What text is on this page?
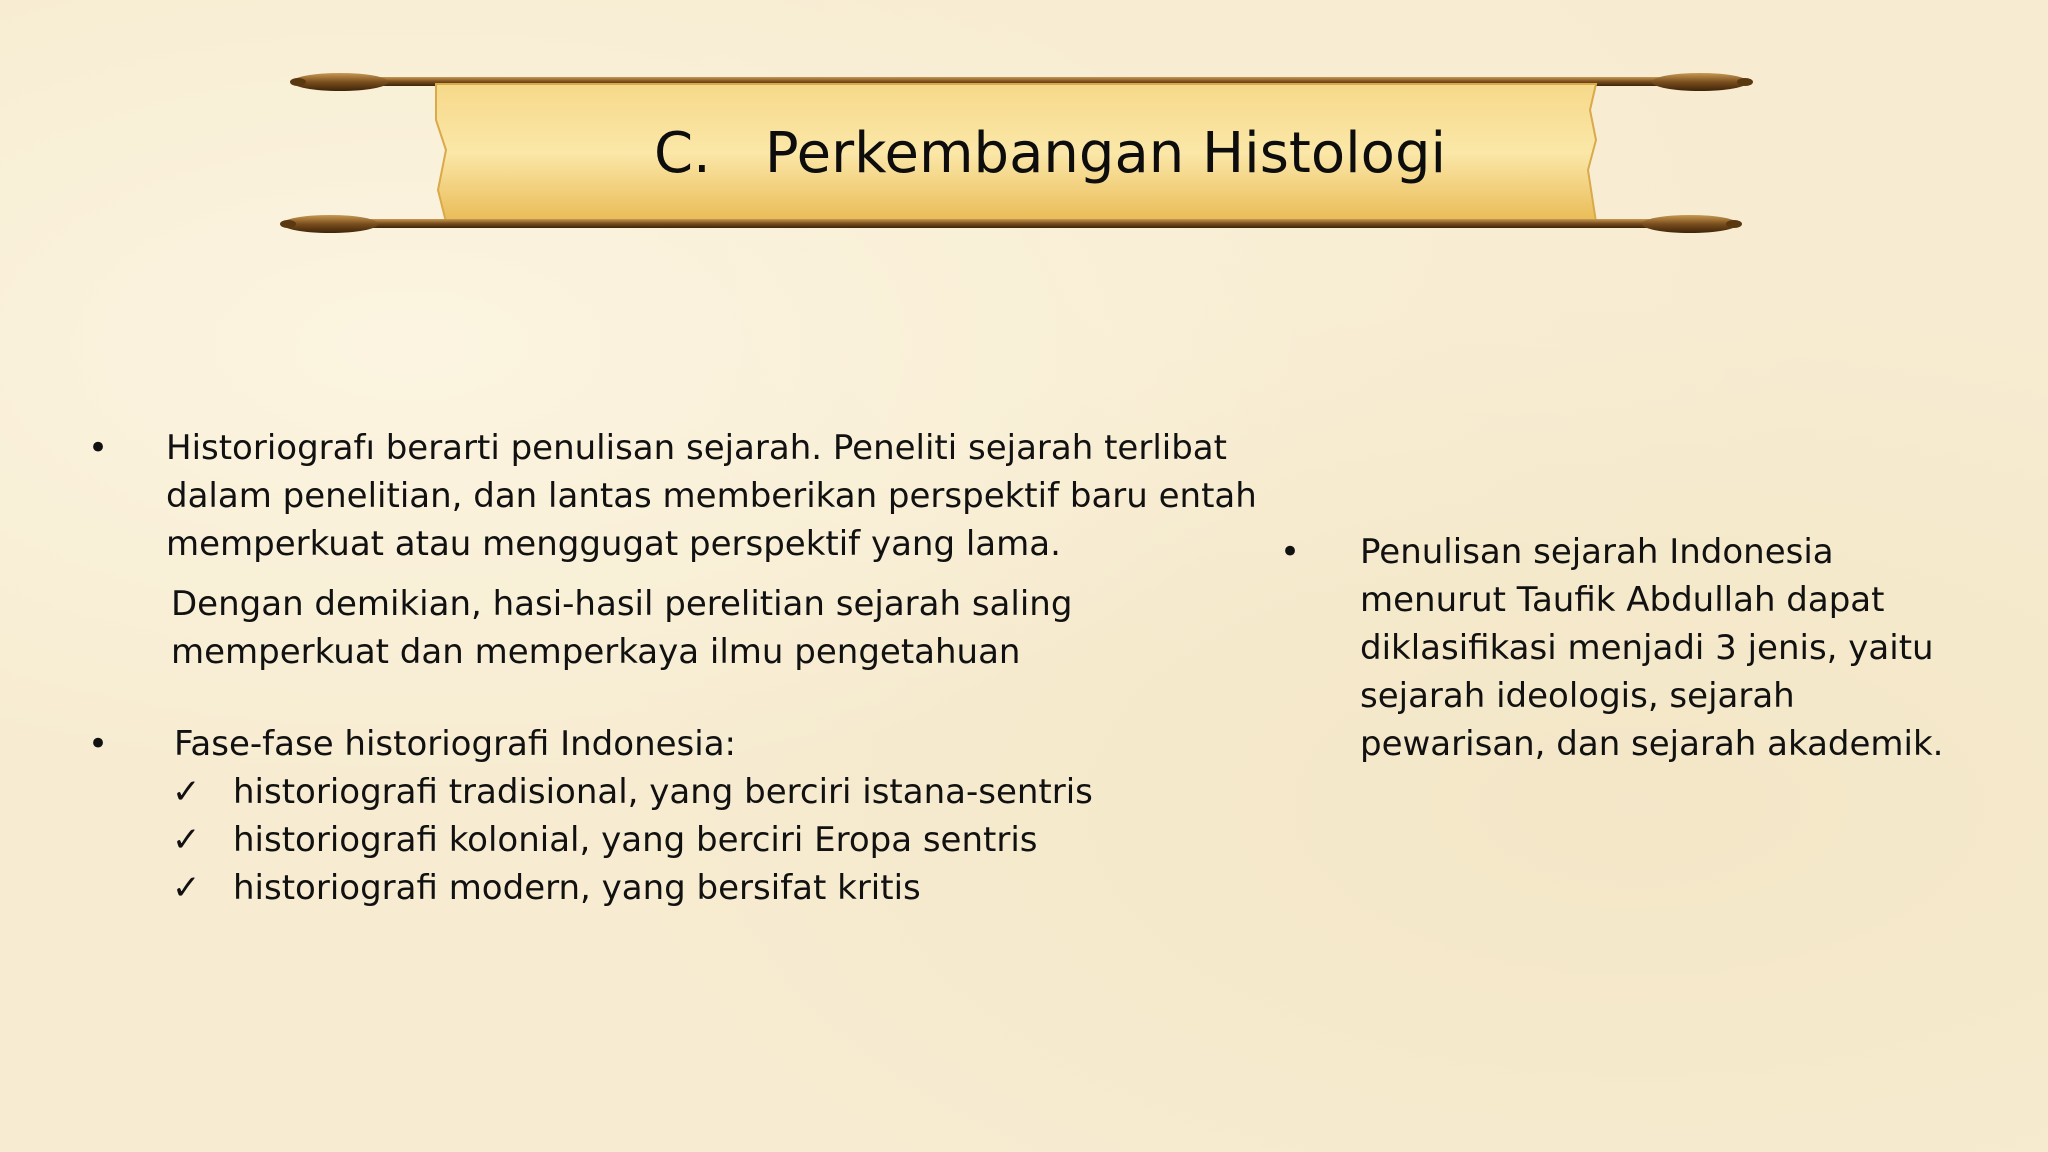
C. Perkembangan Histologi
•	Historiografı berarti penulisan sejarah. Peneliti sejarah terlibat dalam penelitian, dan lantas memberikan perspektif baru entah memperkuat atau menggugat perspektif yang lama.
Dengan demikian, hasi-hasil perelitian sejarah saling memperkuat dan memperkaya ilmu pengetahuan
•	Fase-fase historiografi Indonesia:
✓ historiografi tradisional, yang berciri istana-sentris
✓ historiografi kolonial, yang berciri Eropa sentris
✓ historiografi modern, yang bersifat kritis
•	Penulisan sejarah Indonesia menurut Taufik Abdullah dapat diklasifikasi menjadi 3 jenis, yaitu sejarah ideologis, sejarah pewarisan, dan sejarah akademik.
